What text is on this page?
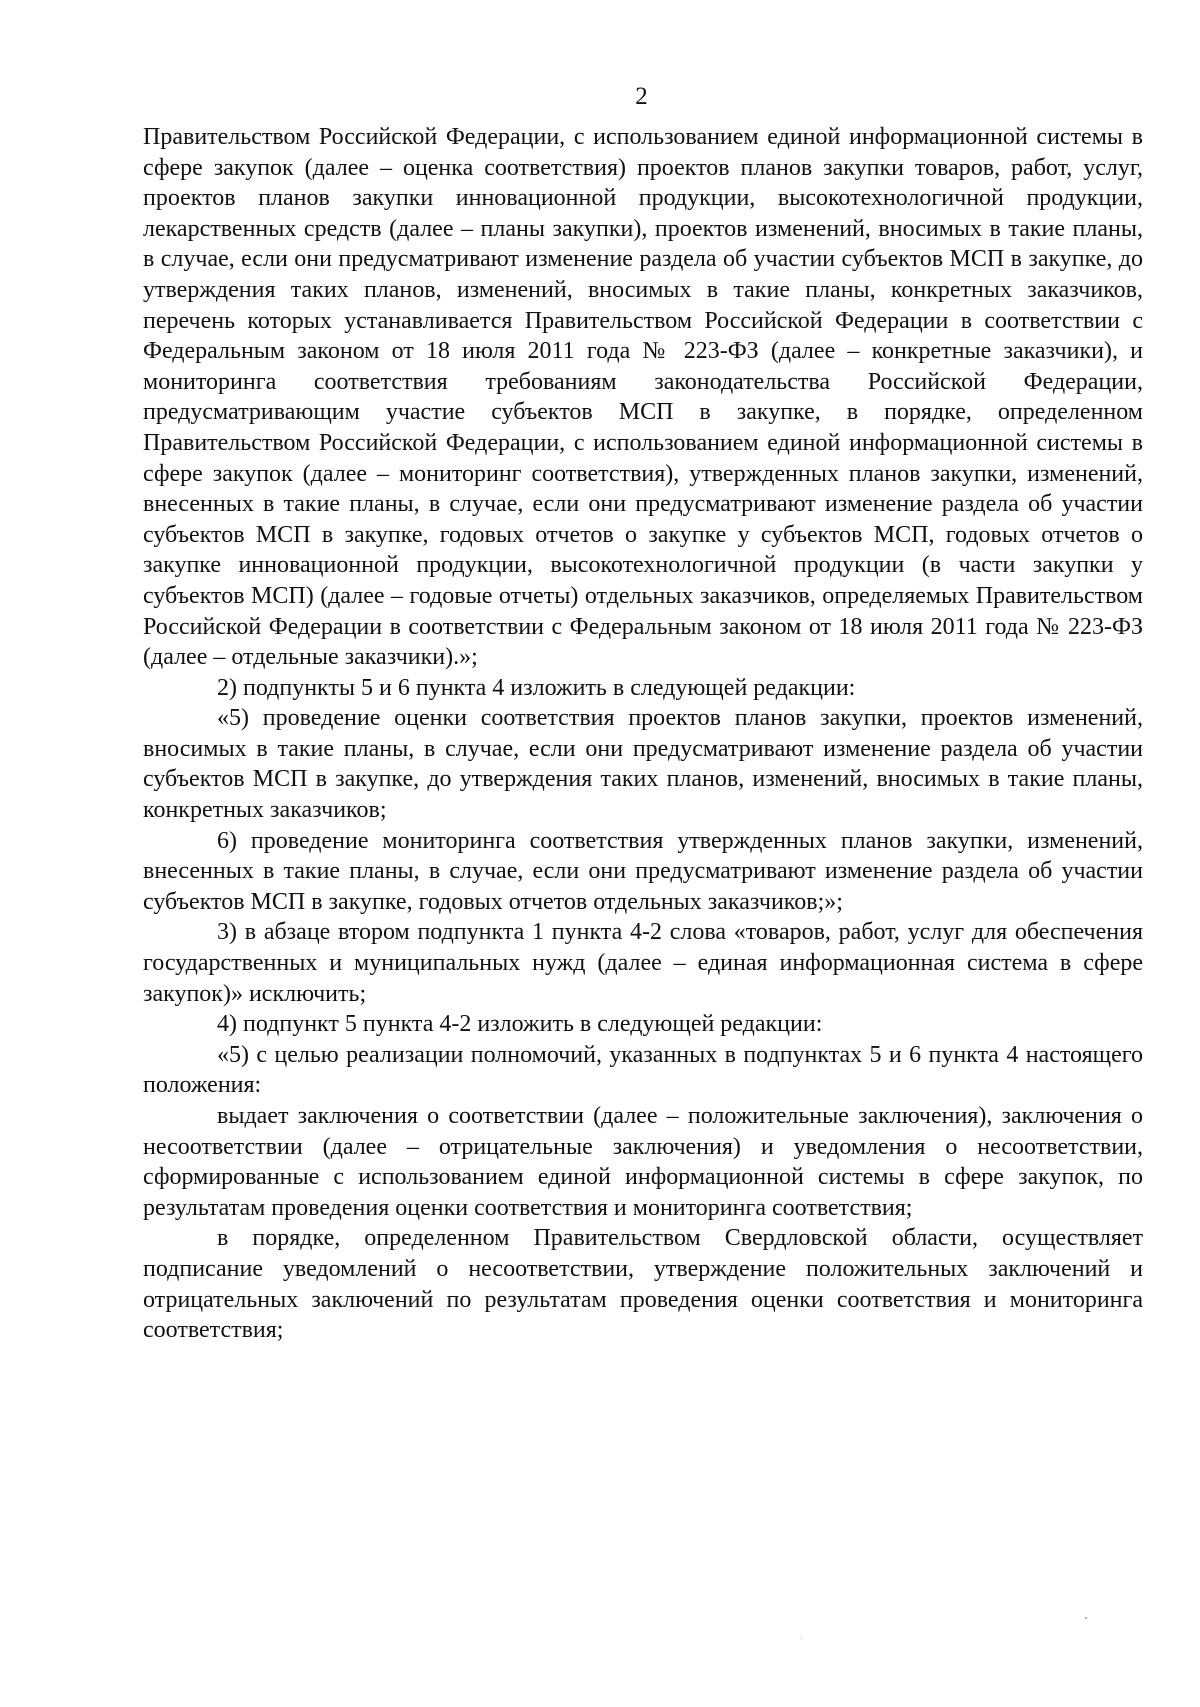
2

Правительством Российской Федерации, с использованием единой информационной системы в сфере закупок (далее – оценка соответствия) проектов планов закупки товаров, работ, услуг, проектов планов закупки инновационной продукции, высокотехнологичной продукции, лекарственных средств (далее – планы закупки), проектов изменений, вносимых в такие планы, в случае, если они предусматривают изменение раздела об участии субъектов МСП в закупке, до утверждения таких планов, изменений, вносимых в такие планы, конкретных заказчиков, перечень которых устанавливается Правительством Российской Федерации в соответствии с Федеральным законом от 18 июля 2011 года № 223-ФЗ (далее – конкретные заказчики), и мониторинга соответствия требованиям законодательства Российской Федерации, предусматривающим участие субъектов МСП в закупке, в порядке, определенном Правительством Российской Федерации, с использованием единой информационной системы в сфере закупок (далее – мониторинг соответствия), утвержденных планов закупки, изменений, внесенных в такие планы, в случае, если они предусматривают изменение раздела об участии субъектов МСП в закупке, годовых отчетов о закупке у субъектов МСП, годовых отчетов о закупке инновационной продукции, высокотехнологичной продукции (в части закупки у субъектов МСП) (далее – годовые отчеты) отдельных заказчиков, определяемых Правительством Российской Федерации в соответствии с Федеральным законом от 18 июля 2011 года № 223-ФЗ (далее – отдельные заказчики).»;

2) подпункты 5 и 6 пункта 4 изложить в следующей редакции:

«5) проведение оценки соответствия проектов планов закупки, проектов изменений, вносимых в такие планы, в случае, если они предусматривают изменение раздела об участии субъектов МСП в закупке, до утверждения таких планов, изменений, вносимых в такие планы, конкретных заказчиков;

6) проведение мониторинга соответствия утвержденных планов закупки, изменений, внесенных в такие планы, в случае, если они предусматривают изменение раздела об участии субъектов МСП в закупке, годовых отчетов отдельных заказчиков;»;

3) в абзаце втором подпункта 1 пункта 4-2 слова «товаров, работ, услуг для обеспечения государственных и муниципальных нужд (далее – единая информационная система в сфере закупок)» исключить;

4) подпункт 5 пункта 4-2 изложить в следующей редакции:

«5) с целью реализации полномочий, указанных в подпунктах 5 и 6 пункта 4 настоящего положения:

выдает заключения о соответствии (далее – положительные заключения), заключения о несоответствии (далее – отрицательные заключения) и уведомления о несоответствии, сформированные с использованием единой информационной системы в сфере закупок, по результатам проведения оценки соответствия и мониторинга соответствия;

в порядке, определенном Правительством Свердловской области, осуществляет подписание уведомлений о несоответствии, утверждение положительных заключений и отрицательных заключений по результатам проведения оценки соответствия и мониторинга соответствия;
